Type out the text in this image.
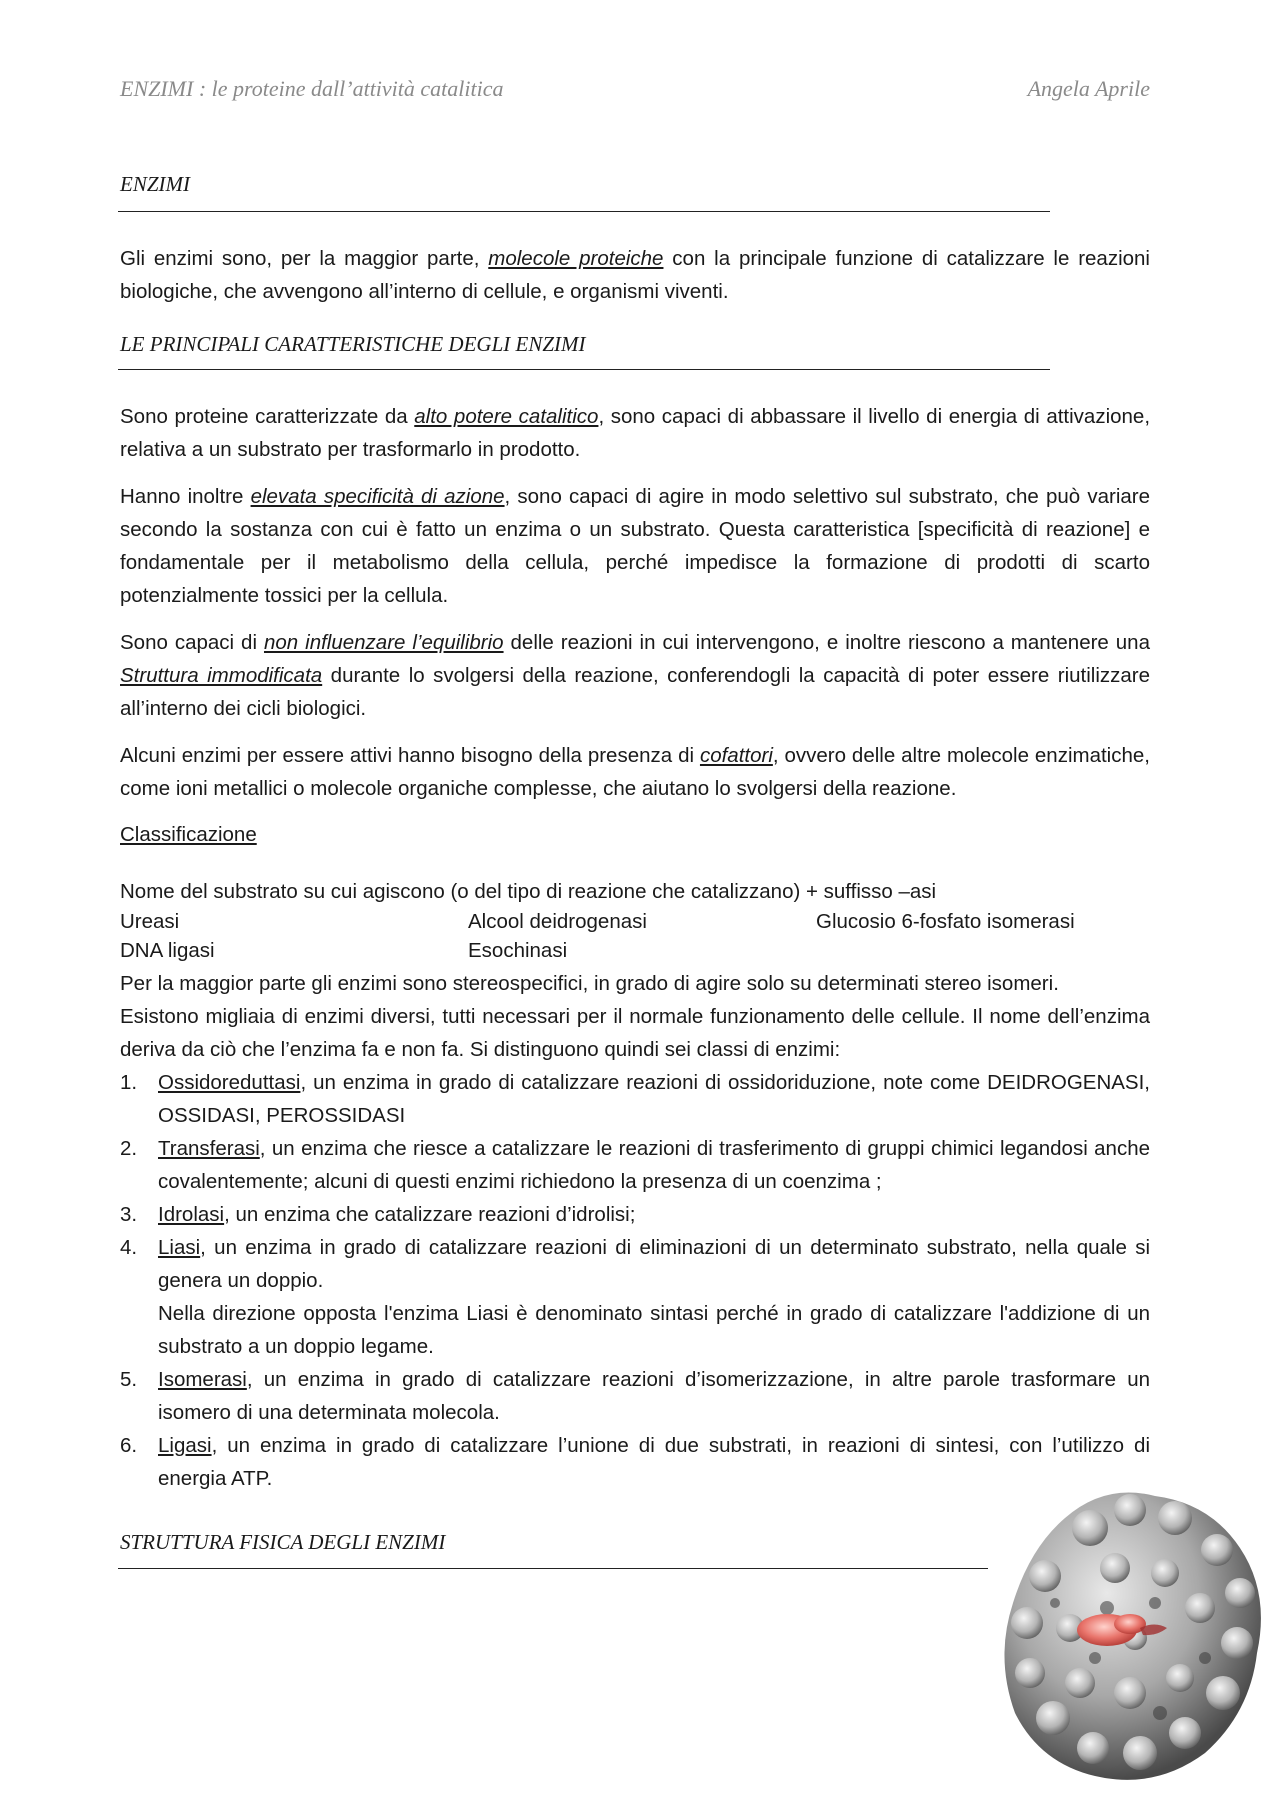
ENZIMI : le proteine dall’attività catalitica	Angela Aprile
ENZIMI

Gli enzimi sono, per la maggior parte, molecole proteiche con la principale funzione di catalizzare le reazioni biologiche, che avvengono all’interno di cellule, e organismi viventi.

LE PRINCIPALI CARATTERISTICHE DEGLI ENZIMI

Sono proteine caratterizzate da alto potere catalitico, sono capaci di abbassare il livello di energia di attivazione, relativa a un substrato per trasformarlo in prodotto.

Hanno inoltre elevata specificità di azione, sono capaci di agire in modo selettivo sul substrato, che può variare secondo la sostanza con cui è fatto un enzima o un substrato. Questa caratteristica [specificità di reazione] e fondamentale per il metabolismo della cellula, perché impedisce la formazione di prodotti di scarto potenzialmente tossici per la cellula.

Sono capaci di non influenzare l’equilibrio delle reazioni in cui intervengono, e inoltre riescono a mantenere una Struttura immodificata durante lo svolgersi della reazione, conferendogli la capacità di poter essere riutilizzare all’interno dei cicli biologici.

Alcuni enzimi per essere attivi hanno bisogno della presenza di cofattori, ovvero delle altre molecole enzimatiche, come ioni metallici o molecole organiche complesse, che aiutano lo svolgersi della reazione.

Classificazione
Nome del substrato su cui agiscono (o del tipo di reazione che catalizzano) + suffisso –asi
Ureasi	Alcool deidrogenasi	Glucosio 6-fosfato isomerasi
DNA ligasi	Esochinasi
Per la maggior parte gli enzimi sono stereospecifici, in grado di agire solo su determinati stereo isomeri.
Esistono migliaia di enzimi diversi, tutti necessari per il normale funzionamento delle cellule. Il nome dell’enzima deriva da ciò che l’enzima fa e non fa. Si distinguono quindi sei classi di enzimi:
1. Ossidoreduttasi, un enzima in grado di catalizzare reazioni di ossidoriduzione, note come DEIDROGENASI, OSSIDASI, PEROSSIDASI
2. Transferasi, un enzima che riesce a catalizzare le reazioni di trasferimento di gruppi chimici legandosi anche covalentemente; alcuni di questi enzimi richiedono la presenza di un coenzima ;
3. Idrolasi, un enzima che catalizzare reazioni d’idrolisi;
4. Liasi, un enzima in grado di catalizzare reazioni di eliminazioni di un determinato substrato, nella quale si genera un doppio.
Nella direzione opposta l'enzima Liasi è denominato sintasi perché in grado di catalizzare l'addizione di un substrato a un doppio legame.
5. Isomerasi, un enzima in grado di catalizzare reazioni d’isomerizzazione, in altre parole trasformare un isomero di una determinata molecola.
6. Ligasi, un enzima in grado di catalizzare l’unione di due substrati, in reazioni di sintesi, con l’utilizzo di energia ATP.
STRUTTURA FISICA DEGLI ENZIMI
